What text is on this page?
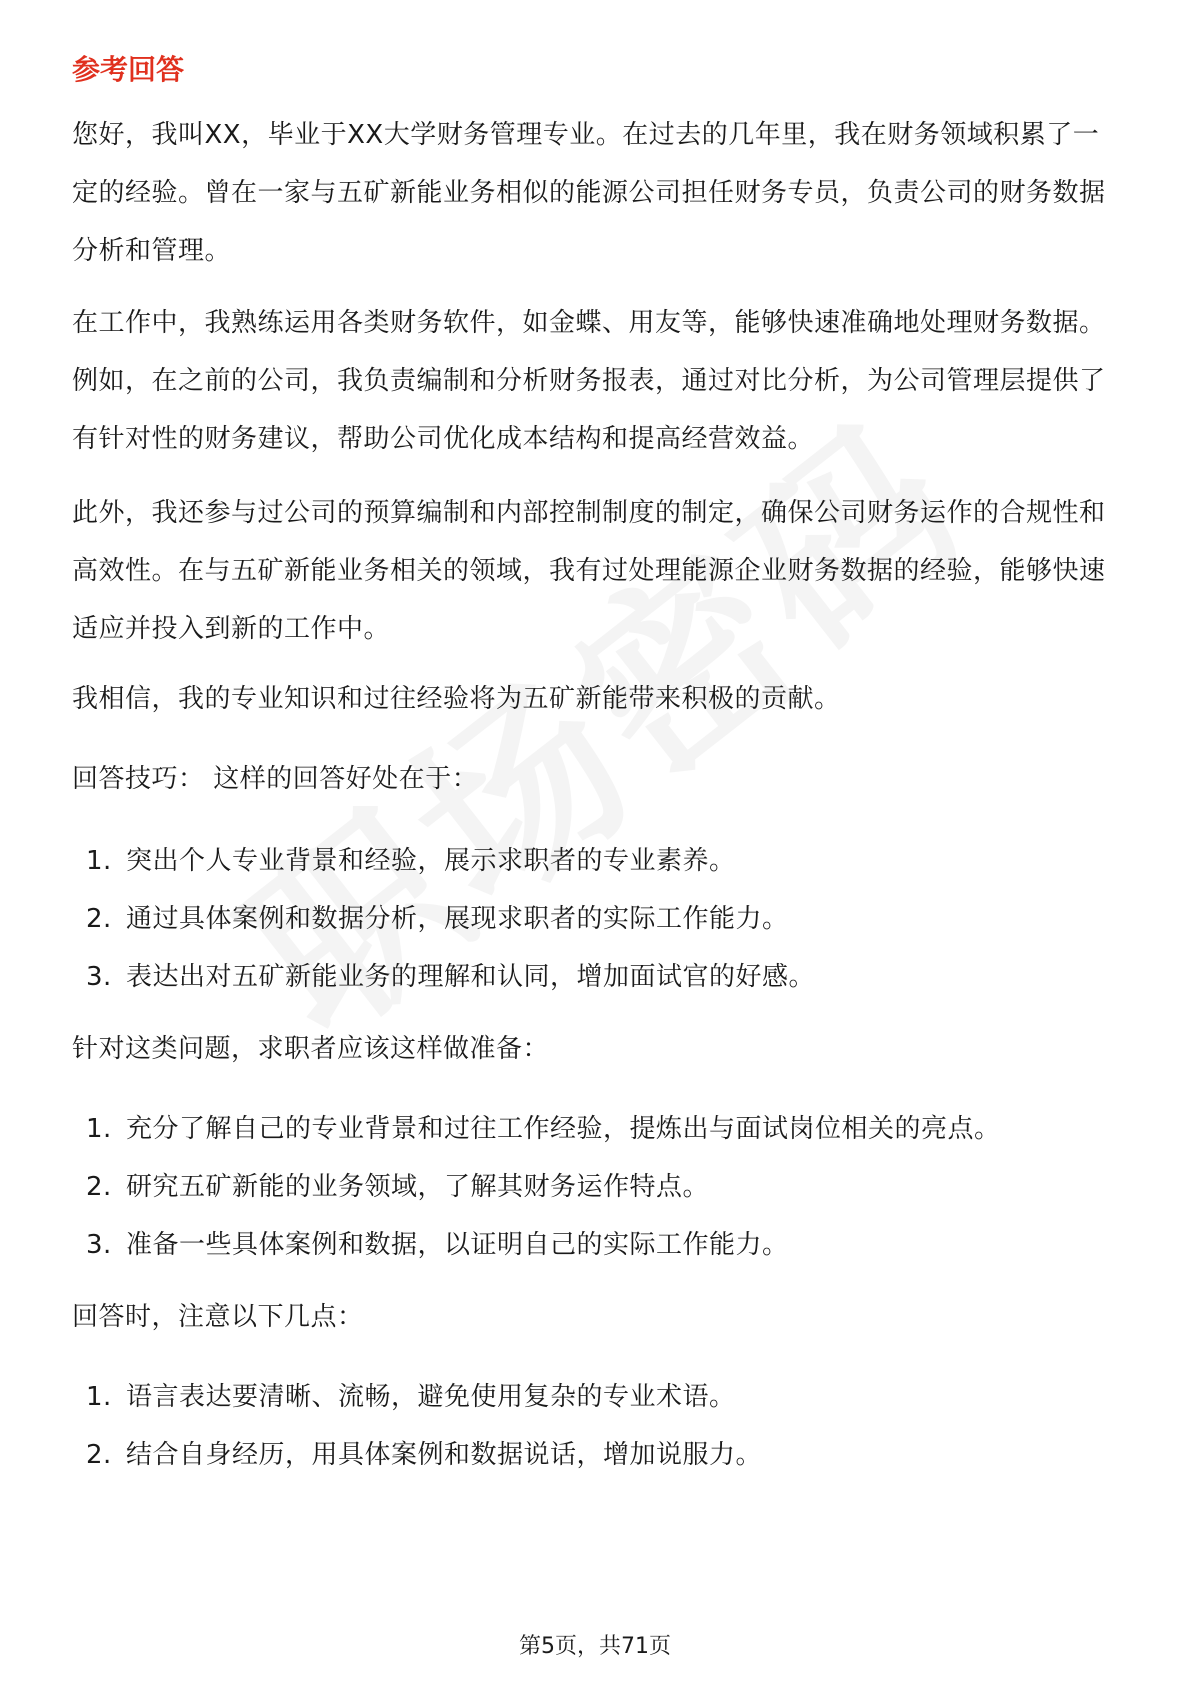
参考回答

您好，我叫XX，毕业于XX大学财务管理专业。在过去的几年里，我在财务领域积累了一定的经验。曾在一家与五矿新能业务相似的能源公司担任财务专员，负责公司的财务数据分析和管理。

在工作中，我熟练运用各类财务软件，如金蝶、用友等，能够快速准确地处理财务数据。例如，在之前的公司，我负责编制和分析财务报表，通过对比分析，为公司管理层提供了有针对性的财务建议，帮助公司优化成本结构和提高经营效益。

此外，我还参与过公司的预算编制和内部控制制度的制定，确保公司财务运作的合规性和高效性。在与五矿新能业务相关的领域，我有过处理能源企业财务数据的经验，能够快速适应并投入到新的工作中。

我相信，我的专业知识和过往经验将为五矿新能带来积极的贡献。

回答技巧： 这样的回答好处在于：

1. 突出个人专业背景和经验，展示求职者的专业素养。
2. 通过具体案例和数据分析，展现求职者的实际工作能力。
3. 表达出对五矿新能业务的理解和认同，增加面试官的好感。

针对这类问题，求职者应该这样做准备：

1. 充分了解自己的专业背景和过往工作经验，提炼出与面试岗位相关的亮点。
2. 研究五矿新能的业务领域，了解其财务运作特点。
3. 准备一些具体案例和数据，以证明自己的实际工作能力。

回答时，注意以下几点：

1. 语言表达要清晰、流畅，避免使用复杂的专业术语。
2. 结合自身经历，用具体案例和数据说话，增加说服力。
第5页，共71页
